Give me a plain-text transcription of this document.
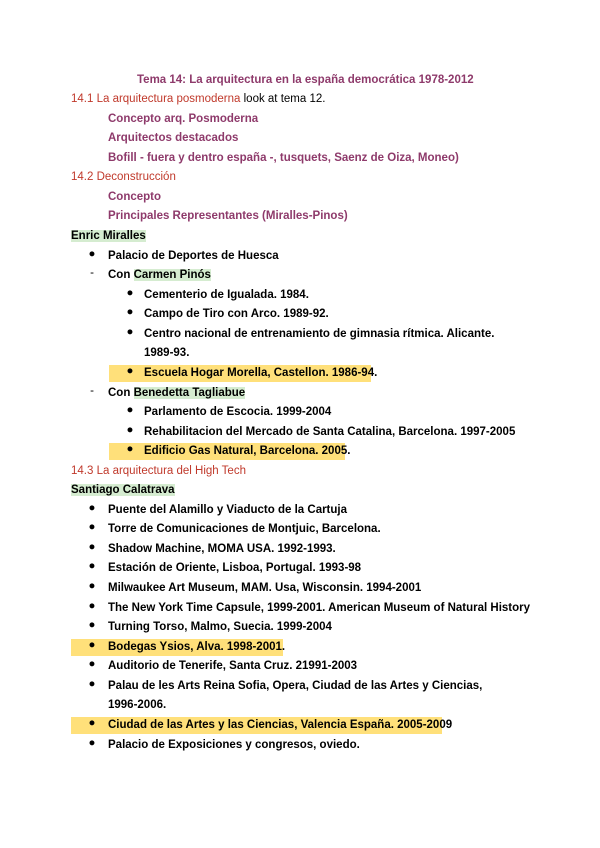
Tema 14: La arquitectura en la españa democrática 1978-2012
14.1 La arquitectura posmoderna look at tema 12.
Concepto arq. Posmoderna
Arquitectos destacados
Bofill - fuera y dentro españa -, tusquets, Saenz de Oiza, Moneo)
14.2 Deconstrucción
Concepto
Principales Representantes (Miralles-Pinos)
Enric Miralles
● Palacio de Deportes de Huesca
- Con Carmen Pinós
● Cementerio de Igualada. 1984.
● Campo de Tiro con Arco. 1989-92.
● Centro nacional de entrenamiento de gimnasia rítmica. Alicante.
1989-93.
● Escuela Hogar Morella, Castellon. 1986-94.
- Con Benedetta Tagliabue
● Parlamento de Escocia. 1999-2004
● Rehabilitacion del Mercado de Santa Catalina, Barcelona. 1997-2005
● Edificio Gas Natural, Barcelona. 2005.
14.3 La arquitectura del High Tech
Santiago Calatrava
● Puente del Alamillo y Viaducto de la Cartuja
● Torre de Comunicaciones de Montjuic, Barcelona.
● Shadow Machine, MOMA USA. 1992-1993.
● Estación de Oriente, Lisboa, Portugal. 1993-98
● Milwaukee Art Museum, MAM. Usa, Wisconsin. 1994-2001
● The New York Time Capsule, 1999-2001. American Museum of Natural History
● Turning Torso, Malmo, Suecia. 1999-2004
● Bodegas Ysios, Alva. 1998-2001.
● Auditorio de Tenerife, Santa Cruz. 21991-2003
● Palau de les Arts Reina Sofia, Opera, Ciudad de las Artes y Ciencias,
1996-2006.
● Ciudad de las Artes y las Ciencias, Valencia España. 2005-2009
● Palacio de Exposiciones y congresos, oviedo.
